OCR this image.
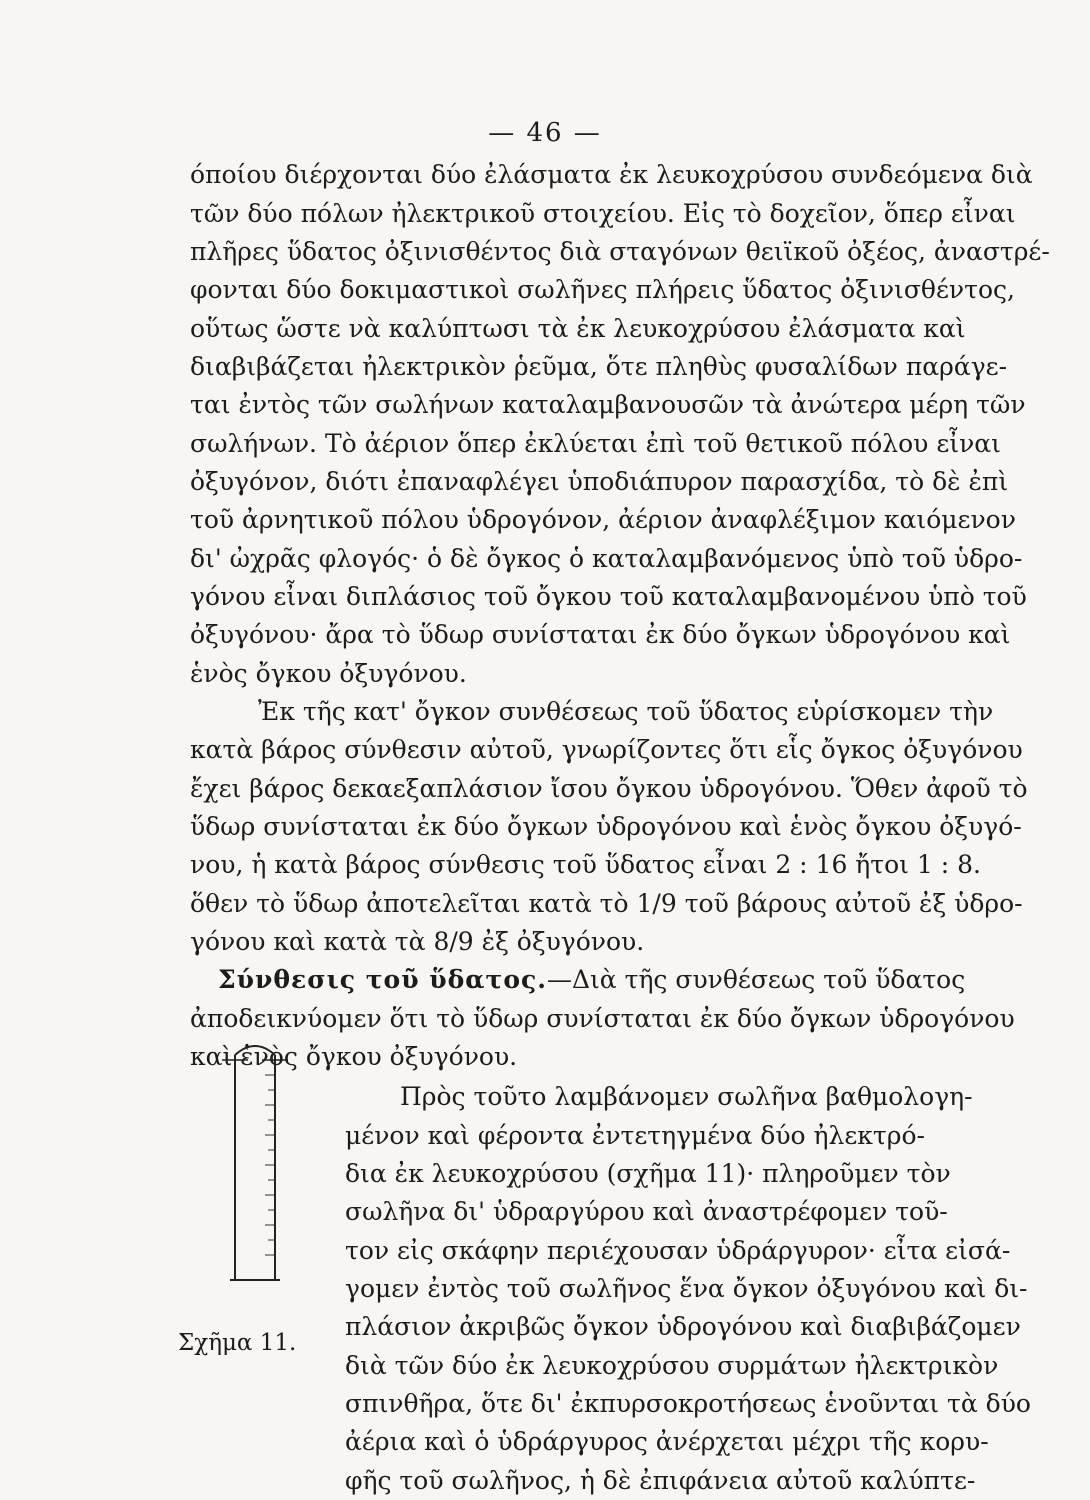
— 46 —
όποίου διέρχονται δύο ἐλάσματα ἐκ λευκοχρύσου συνδεόμενα διὰ
τῶν δύο πόλων ἠλεκτρικοῦ στοιχείου. Εἰς τὸ δοχεῖον, ὅπερ εἶναι
πλῆρες ὕδατος ὀξινισθέντος διὰ σταγόνων θειϊκοῦ ὀξέος, ἀναστρέ-
φονται δύο δοκιμαστικοὶ σωλῆνες πλήρεις ὕδατος ὀξινισθέντος,
οὕτως ὥστε νὰ καλύπτωσι τὰ ἐκ λευκοχρύσου ἐλάσματα καὶ
διαβιβάζεται ἠλεκτρικὸν ῥεῦμα, ὅτε πληθὺς φυσαλίδων παράγε-
ται ἐντὸς τῶν σωλήνων καταλαμβανουσῶν τὰ ἀνώτερα μέρη τῶν
σωλήνων. Τὸ ἀέριον ὅπερ ἐκλύεται ἐπὶ τοῦ θετικοῦ πόλου εἶναι
ὀξυγόνον, διότι ἐπαναφλέγει ὑποδιάπυρον παρασχίδα, τὸ δὲ ἐπὶ
τοῦ ἀρνητικοῦ πόλου ὑδρογόνον, ἀέριον ἀναφλέξιμον καιόμενον
δι' ὠχρᾶς φλογός· ὁ δὲ ὄγκος ὁ καταλαμβανόμενος ὑπὸ τοῦ ὑδρο-
γόνου εἶναι διπλάσιος τοῦ ὄγκου τοῦ καταλαμβανομένου ὑπὸ τοῦ
ὀξυγόνου· ἄρα τὸ ὕδωρ συνίσταται ἐκ δύο ὄγκων ὑδρογόνου καὶ
ἑνὸς ὄγκου ὀξυγόνου.
Ἐκ τῆς κατ' ὄγκον συνθέσεως τοῦ ὕδατος εὑρίσκομεν τὴν
κατὰ βάρος σύνθεσιν αὐτοῦ, γνωρίζοντες ὅτι εἷς ὄγκος ὀξυγόνου
ἔχει βάρος δεκαεξαπλάσιον ἴσου ὄγκου ὑδρογόνου. Ὅθεν ἀφοῦ τὸ
ὕδωρ συνίσταται ἐκ δύο ὄγκων ὑδρογόνου καὶ ἑνὸς ὄγκου ὀξυγό-
νου, ἡ κατὰ βάρος σύνθεσις τοῦ ὕδατος εἶναι 2 : 16 ἤτοι 1 : 8.
ὅθεν τὸ ὕδωρ ἀποτελεῖται κατὰ τὸ 1/9 τοῦ βάρους αὐτοῦ ἐξ ὑδρο-
γόνου καὶ κατὰ τὰ 8/9 ἐξ ὀξυγόνου.
Σύνθεσις τοῦ ὕδατος.—Διὰ τῆς συνθέσεως τοῦ ὕδατος
ἀποδεικνύομεν ὅτι τὸ ὕδωρ συνίσταται ἐκ δύο ὄγκων ὑδρογόνου
καὶ ἑνὸς ὄγκου ὀξυγόνου.
Πρὸς τοῦτο λαμβάνομεν σωλῆνα βαθμολογη-
μένον καὶ φέροντα ἐντετηγμένα δύο ἠλεκτρό-
δια ἐκ λευκοχρύσου (σχῆμα 11)· πληροῦμεν τὸν
σωλῆνα δι' ὑδραργύρου καὶ ἀναστρέφομεν τοῦ-
τον εἰς σκάφην περιέχουσαν ὑδράργυρον· εἶτα εἰσά-
γομεν ἐντὸς τοῦ σωλῆνος ἕνα ὄγκον ὀξυγόνου καὶ δι-
πλάσιον ἀκριβῶς ὄγκον ὑδρογόνου καὶ διαβιβάζομεν
διὰ τῶν δύο ἐκ λευκοχρύσου συρμάτων ἠλεκτρικὸν
σπινθῆρα, ὅτε δι' ἐκπυρσοκροτήσεως ἑνοῦνται τὰ δύο
ἀέρια καὶ ὁ ὑδράργυρος ἀνέρχεται μέχρι τῆς κορυ-
φῆς τοῦ σωλῆνος, ἡ δὲ ἐπιφάνεια αὐτοῦ καλύπτε-
Σχῆμα 11.
